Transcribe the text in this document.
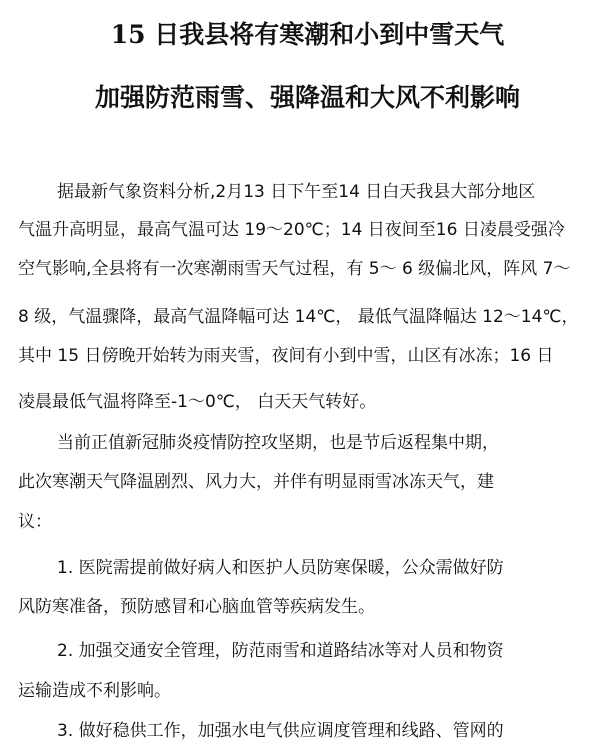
15 日我县将有寒潮和小到中雪天气
加强防范雨雪、强降温和大风不利影响
据最新气象资料分析,2月13 日下午至14 日白天我县大部分地区
气温升高明显，最高气温可达 19～20℃；14 日夜间至16 日凌晨受强冷
空气影响,全县将有一次寒潮雨雪天气过程，有 5～ 6 级偏北风，阵风 7～
8 级，气温骤降，最高气温降幅可达 14℃， 最低气温降幅达 12～14℃，
其中 15 日傍晚开始转为雨夹雪，夜间有小到中雪，山区有冰冻；16 日
凌晨最低气温将降至-1～0℃， 白天天气转好。
当前正值新冠肺炎疫情防控攻坚期，也是节后返程集中期，
此次寒潮天气降温剧烈、风力大，并伴有明显雨雪冰冻天气，建
议：
1. 医院需提前做好病人和医护人员防寒保暖，公众需做好防
风防寒准备，预防感冒和心脑血管等疾病发生。
2. 加强交通安全管理，防范雨雪和道路结冰等对人员和物资
运输造成不利影响。
3. 做好稳供工作，加强水电气供应调度管理和线路、管网的
